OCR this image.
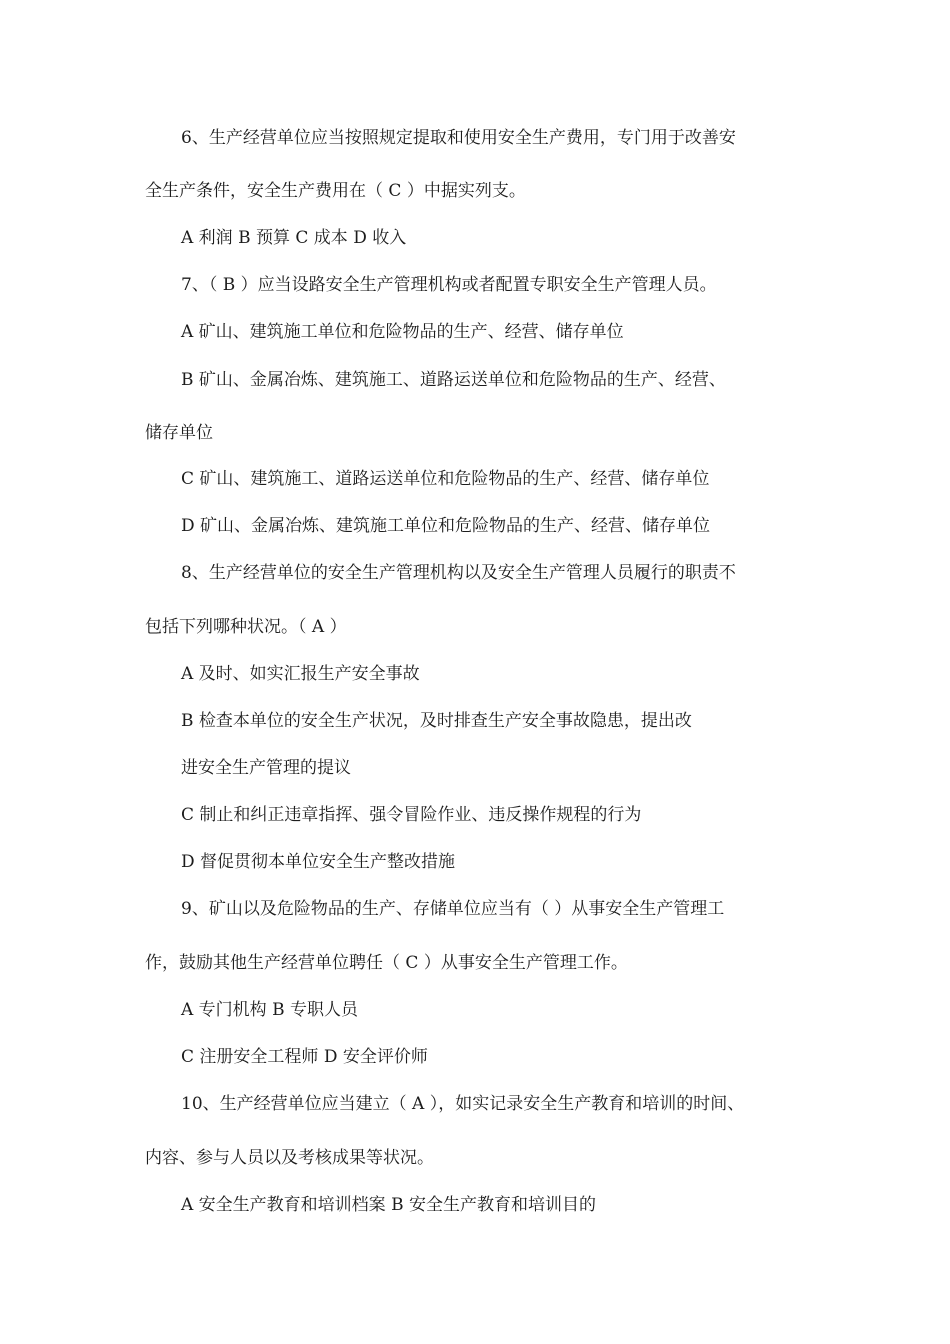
6、生产经营单位应当按照规定提取和使用安全生产费用，专门用于改善安
全生产条件，安全生产费用在（ C ）中据实列支。
A 利润 B 预算 C 成本 D 收入
7、（ B ）应当设路安全生产管理机构或者配置专职安全生产管理人员。
A 矿山、建筑施工单位和危险物品的生产、经营、储存单位
B 矿山、金属冶炼、建筑施工、道路运送单位和危险物品的生产、经营、
储存单位
C 矿山、建筑施工、道路运送单位和危险物品的生产、经营、储存单位
D 矿山、金属冶炼、建筑施工单位和危险物品的生产、经营、储存单位
8、生产经营单位的安全生产管理机构以及安全生产管理人员履行的职责不
包括下列哪种状况。（ A ）
A 及时、如实汇报生产安全事故
B 检查本单位的安全生产状况，及时排查生产安全事故隐患，提出改
进安全生产管理的提议
C 制止和纠正违章指挥、强令冒险作业、违反操作规程的行为
D 督促贯彻本单位安全生产整改措施
9、矿山以及危险物品的生产、存储单位应当有（ ）从事安全生产管理工
作，鼓励其他生产经营单位聘任（ C ）从事安全生产管理工作。
A 专门机构 B 专职人员
C 注册安全工程师 D 安全评价师
10、生产经营单位应当建立（ A ），如实记录安全生产教育和培训的时间、
内容、参与人员以及考核成果等状况。
A 安全生产教育和培训档案 B 安全生产教育和培训目的
